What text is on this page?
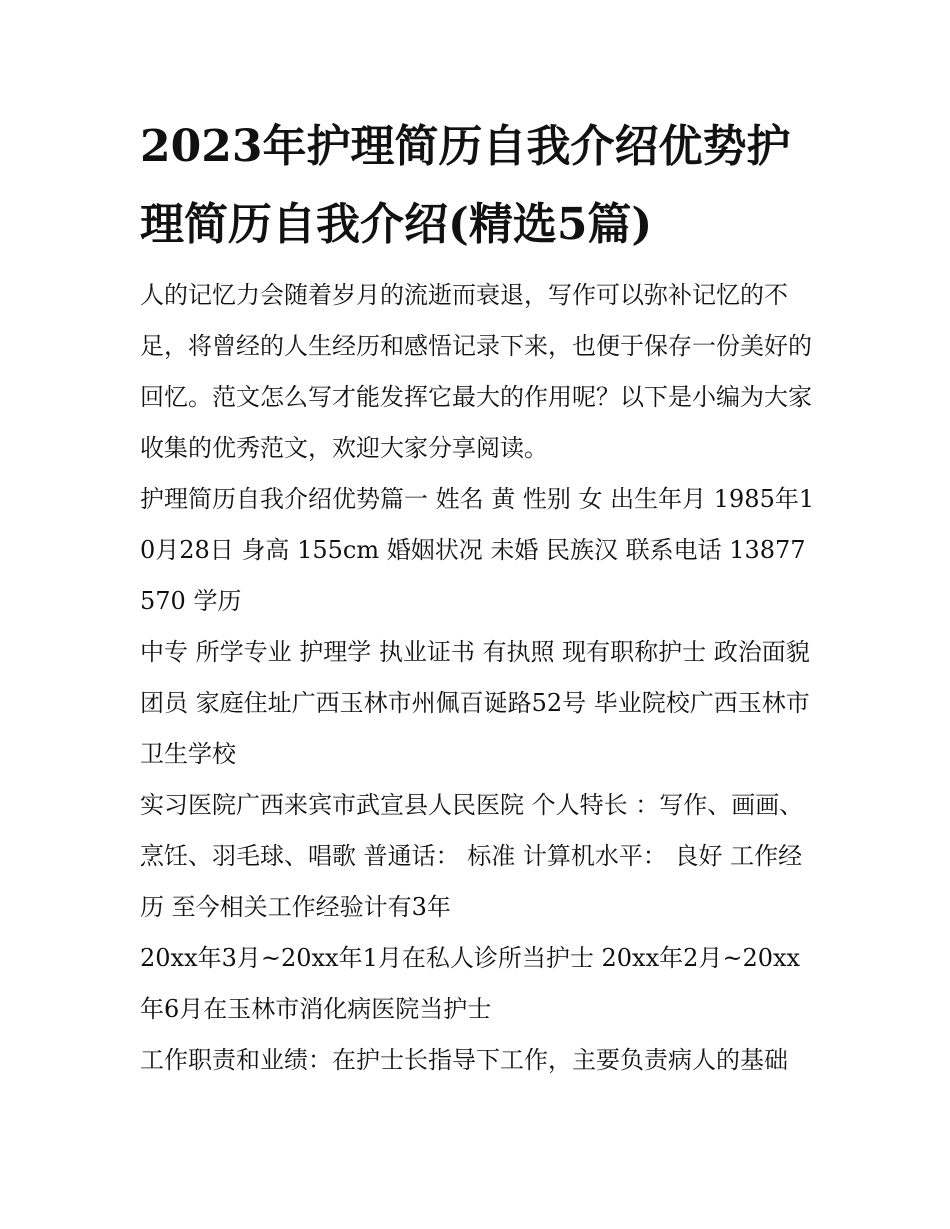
2023年护理简历自我介绍优势护理简历自我介绍(精选5篇)

人的记忆力会随着岁月的流逝而衰退，写作可以弥补记忆的不足，将曾经的人生经历和感悟记录下来，也便于保存一份美好的回忆。范文怎么写才能发挥它最大的作用呢？以下是小编为大家收集的优秀范文，欢迎大家分享阅读。

护理简历自我介绍优势篇一 姓名 黄 性别 女 出生年月 1985年10月28日 身高 155cm 婚姻状况 未婚 民族汉 联系电话 13877570 学历

中专 所学专业 护理学 执业证书 有执照 现有职称护士 政治面貌 团员 家庭住址广西玉林市州佩百诞路52号 毕业院校广西玉林市卫生学校

实习医院广西来宾市武宣县人民医院 个人特长 ：写作、画画、烹饪、羽毛球、唱歌 普通话： 标准 计算机水平： 良好 工作经历 至今相关工作经验计有3年

20xx年3月~20xx年1月在私人诊所当护士 20xx年2月~20xx年6月在玉林市消化病医院当护士

工作职责和业绩：在护士长指导下工作，主要负责病人的基础
